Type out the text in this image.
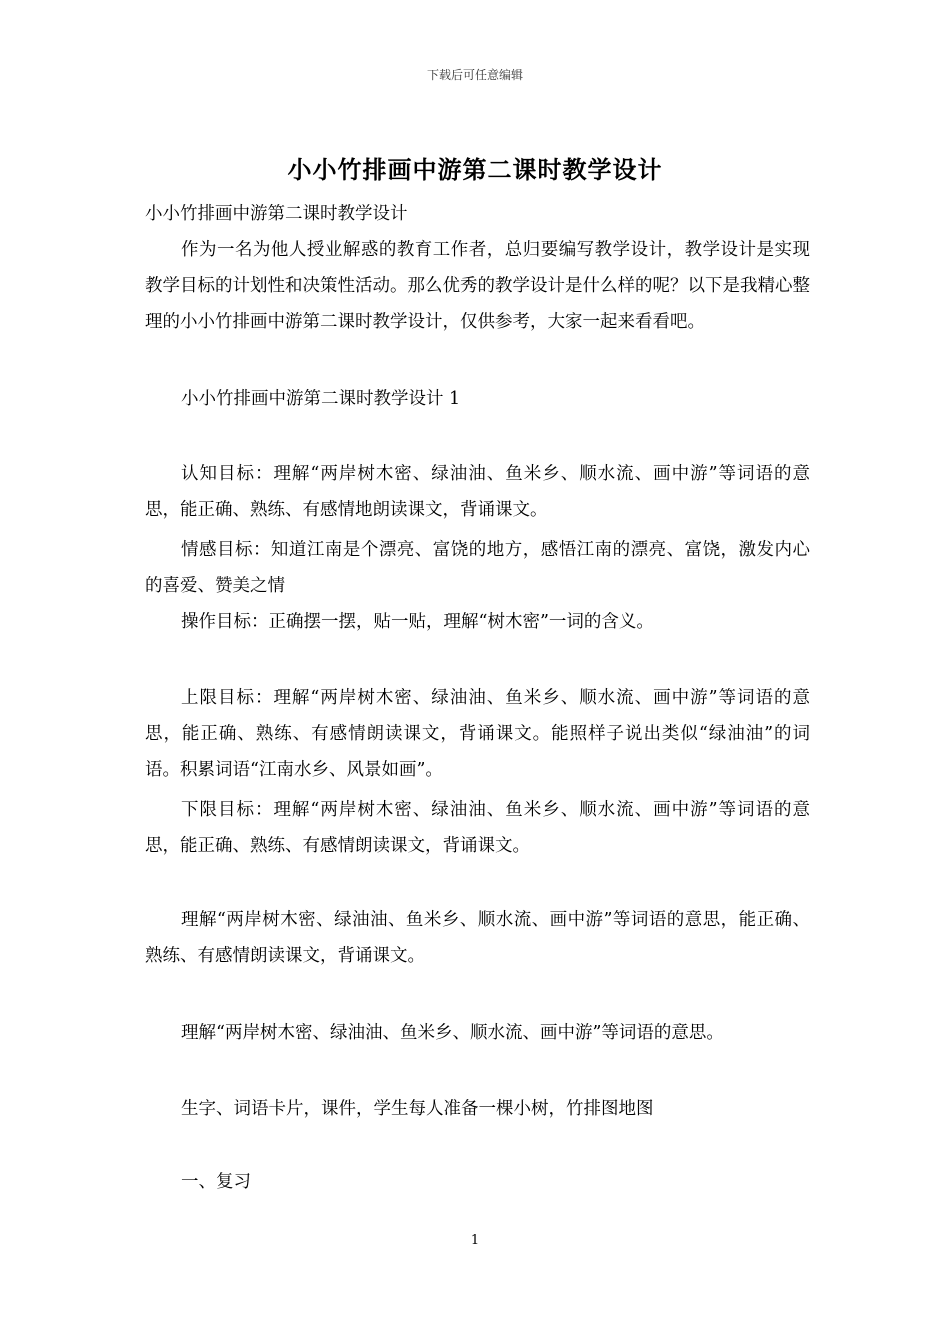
下载后可任意编辑
小小竹排画中游第二课时教学设计

小小竹排画中游第二课时教学设计

作为一名为他人授业解惑的教育工作者，总归要编写教学设计，教学设计是实现教学目标的计划性和决策性活动。那么优秀的教学设计是什么样的呢？以下是我精心整理的小小竹排画中游第二课时教学设计，仅供参考，大家一起来看看吧。

小小竹排画中游第二课时教学设计 1

认知目标：理解“两岸树木密、绿油油、鱼米乡、顺水流、画中游”等词语的意思，能正确、熟练、有感情地朗读课文，背诵课文。

情感目标：知道江南是个漂亮、富饶的地方，感悟江南的漂亮、富饶，激发内心的喜爱、赞美之情

操作目标：正确摆一摆，贴一贴，理解“树木密”一词的含义。

上限目标：理解“两岸树木密、绿油油、鱼米乡、顺水流、画中游”等词语的意思，能正确、熟练、有感情朗读课文，背诵课文。能照样子说出类似“绿油油”的词语。积累词语“江南水乡、风景如画”。

下限目标：理解“两岸树木密、绿油油、鱼米乡、顺水流、画中游”等词语的意思，能正确、熟练、有感情朗读课文，背诵课文。

理解“两岸树木密、绿油油、鱼米乡、顺水流、画中游”等词语的意思，能正确、熟练、有感情朗读课文，背诵课文。

理解“两岸树木密、绿油油、鱼米乡、顺水流、画中游”等词语的意思。

生字、词语卡片，课件，学生每人准备一棵小树，竹排图地图

一、复习

1
